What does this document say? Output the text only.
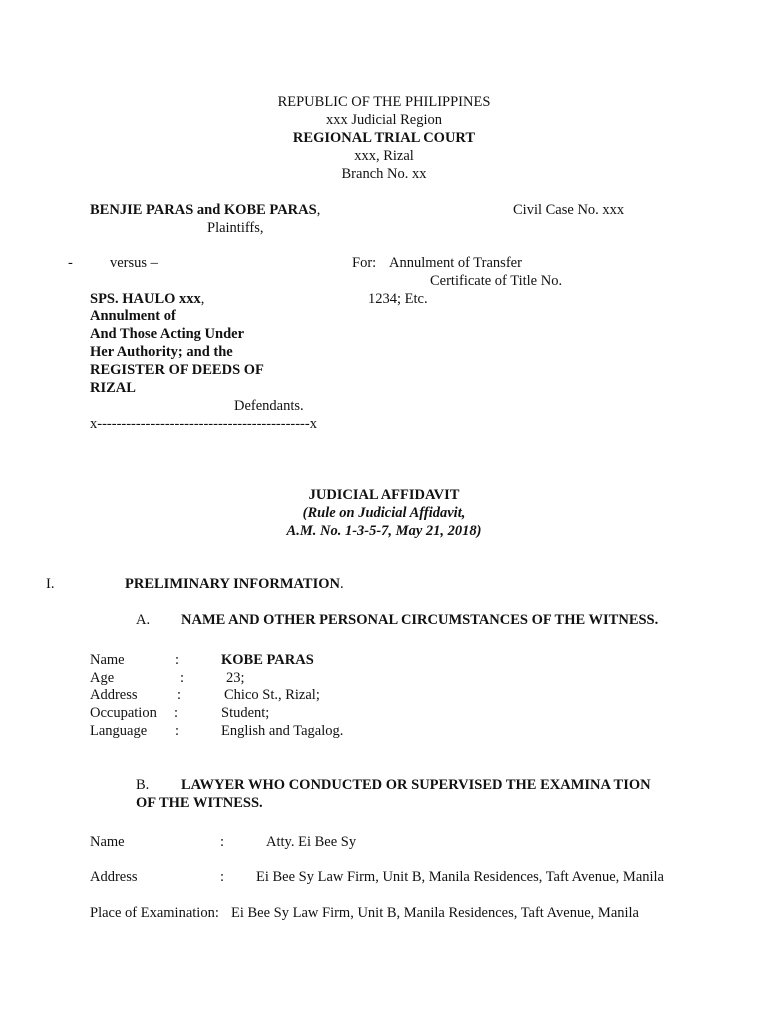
REPUBLIC OF THE PHILIPPINES
xxx Judicial Region
REGIONAL TRIAL COURT
xxx, Rizal
Branch No. xx
BENJIE PARAS and KOBE PARAS,	Civil Case No. xxx
Plaintiffs,
-	versus –	For: Annulment of Transfer
Certificate of Title No.
1234; Etc.
SPS. HAULO xxx,
Annulment of
And Those Acting Under
Her Authority; and the
REGISTER OF DEEDS OF
RIZAL
Defendants.
x--------------------------------------------x
JUDICIAL AFFIDAVIT
(Rule on Judicial Affidavit,
A.M. No. 1-3-5-7, May 21, 2018)
I.	PRELIMINARY INFORMATION.
A. NAME AND OTHER PERSONAL CIRCUMSTANCES OF THE WITNESS.
Name	:	KOBE PARAS
Age	:	23;
Address	:	Chico St., Rizal;
Occupation :	Student;
Language :	English and Tagalog.
B. LAWYER WHO CONDUCTED OR SUPERVISED THE EXAMINA TION
OF THE WITNESS.
Name	:	Atty. Ei Bee Sy
Address	: Ei Bee Sy Law Firm, Unit B, Manila Residences, Taft Avenue, Manila
Place of Examination: Ei Bee Sy Law Firm, Unit B, Manila Residences, Taft Avenue, Manila
